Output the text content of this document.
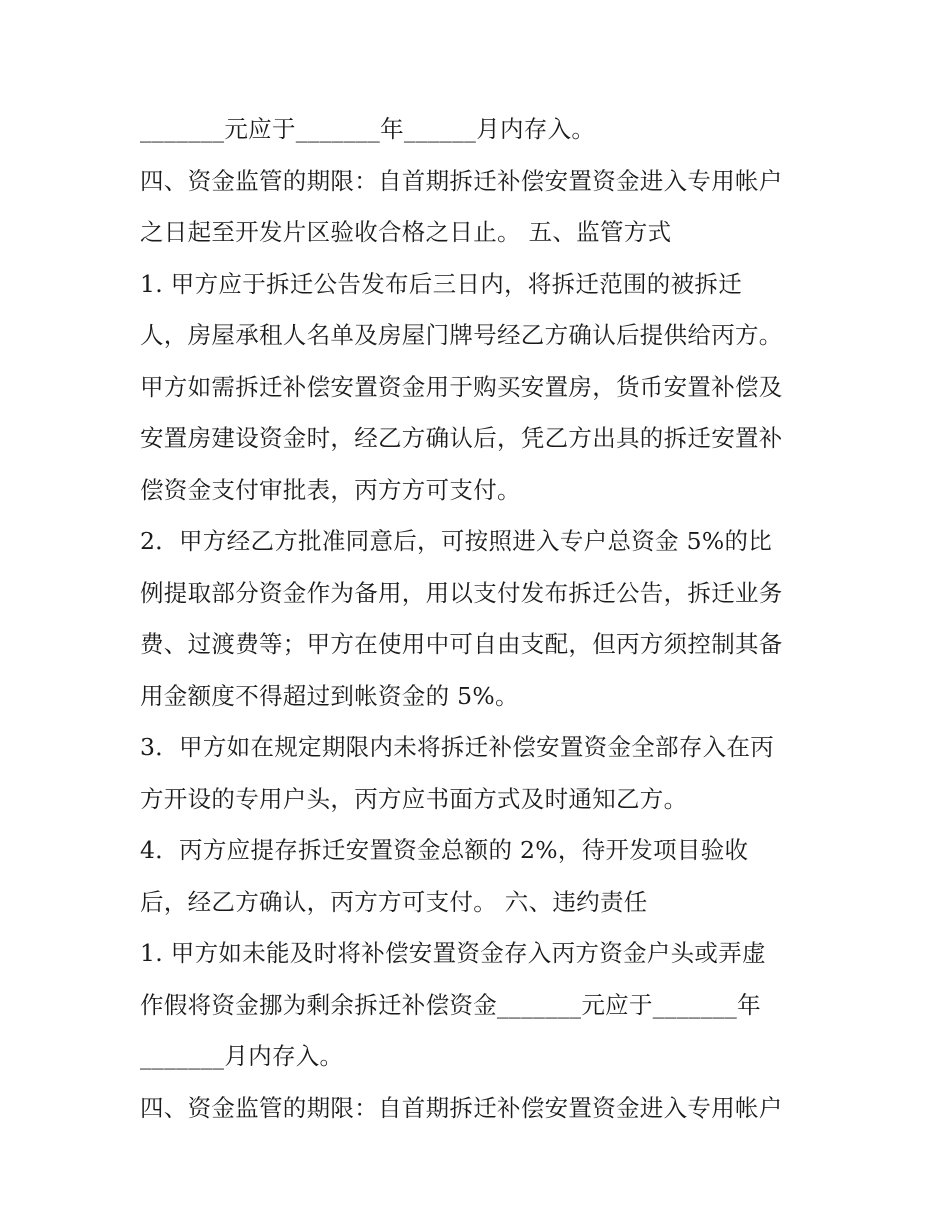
_______元应于_______年______月内存入。
四、资金监管的期限：自首期拆迁补偿安置资金进入专用帐户
之日起至开发片区验收合格之日止。 五、监管方式
1. 甲方应于拆迁公告发布后三日内，将拆迁范围的被拆迁
人，房屋承租人名单及房屋门牌号经乙方确认后提供给丙方。
甲方如需拆迁补偿安置资金用于购买安置房，货币安置补偿及
安置房建设资金时，经乙方确认后，凭乙方出具的拆迁安置补
偿资金支付审批表，丙方方可支付。
2．甲方经乙方批准同意后，可按照进入专户总资金 5%的比
例提取部分资金作为备用，用以支付发布拆迁公告，拆迁业务
费、过渡费等；甲方在使用中可自由支配，但丙方须控制其备
用金额度不得超过到帐资金的 5%。
3．甲方如在规定期限内未将拆迁补偿安置资金全部存入在丙
方开设的专用户头，丙方应书面方式及时通知乙方。
4．丙方应提存拆迁安置资金总额的 2%，待开发项目验收
后，经乙方确认，丙方方可支付。 六、违约责任
1. 甲方如未能及时将补偿安置资金存入丙方资金户头或弄虚
作假将资金挪为剩余拆迁补偿资金_______元应于_______年
_______月内存入。
四、资金监管的期限：自首期拆迁补偿安置资金进入专用帐户
